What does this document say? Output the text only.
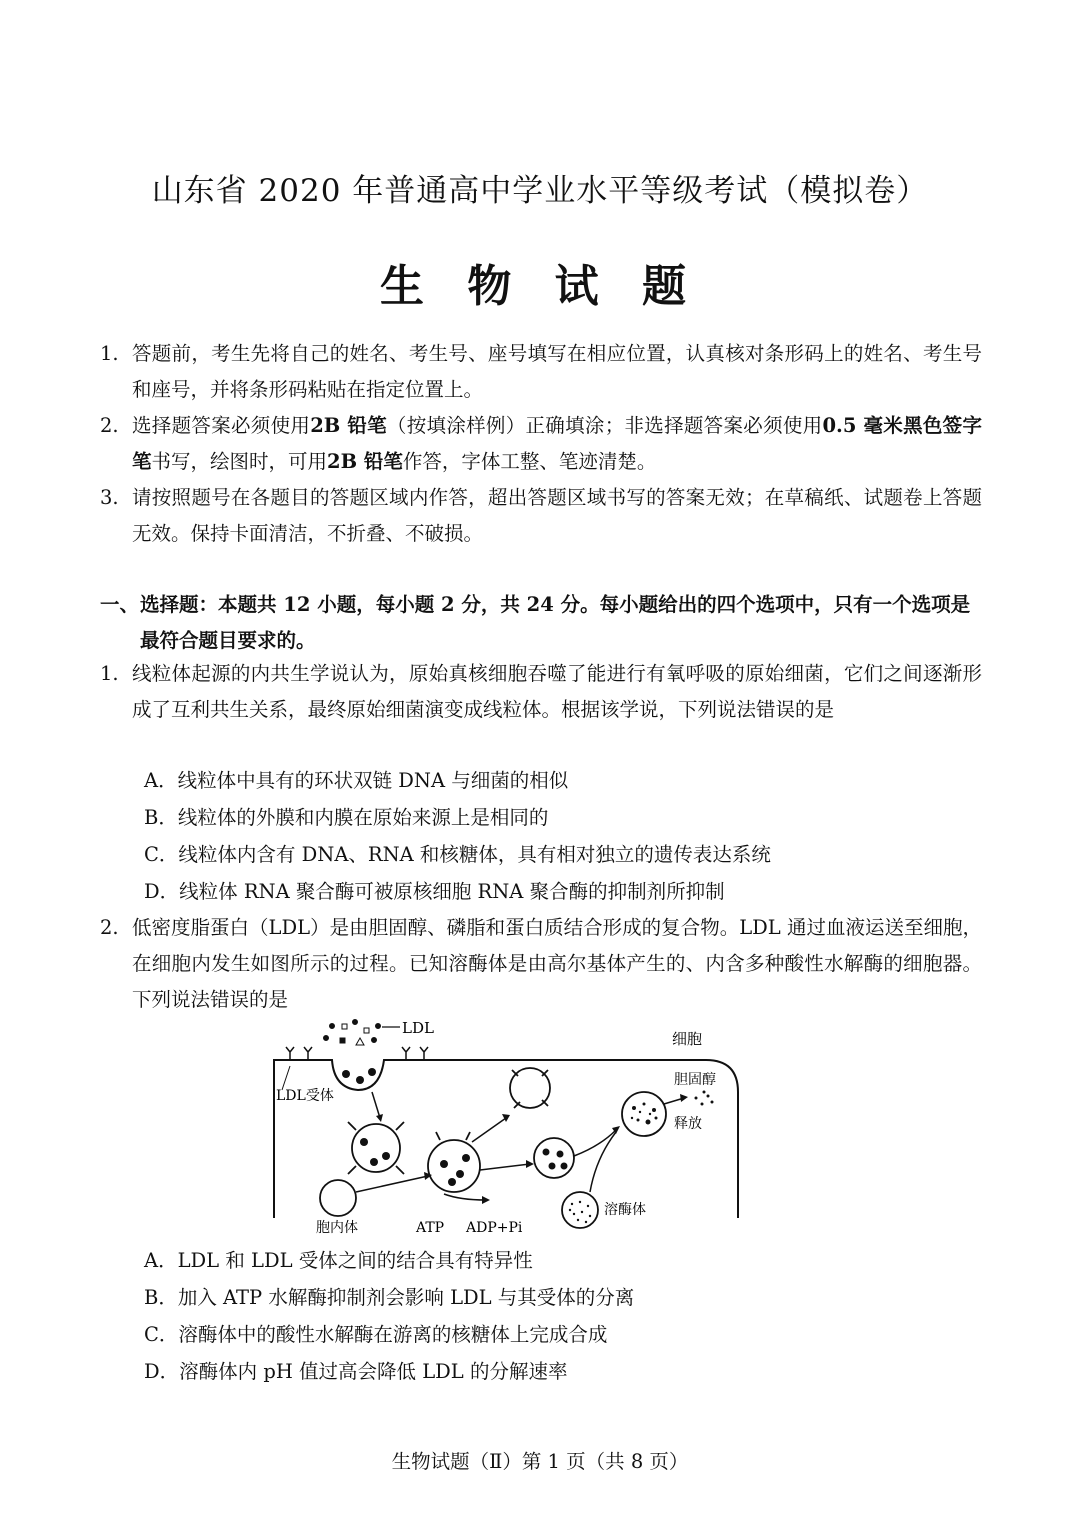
山东省 2020 年普通高中学业水平等级考试（模拟卷）
生 物 试 题
1. 答题前，考生先将自己的姓名、考生号、座号填写在相应位置，认真核对条形码上的姓名、考生号和座号，并将条形码粘贴在指定位置上。
2. 选择题答案必须使用2B 铅笔（按填涂样例）正确填涂；非选择题答案必须使用0.5 毫米黑色签字笔书写，绘图时，可用2B 铅笔作答，字体工整、笔迹清楚。
3. 请按照题号在各题目的答题区域内作答，超出答题区域书写的答案无效；在草稿纸、试题卷上答题无效。保持卡面清洁，不折叠、不破损。
一、 选择题：本题共 12 小题，每小题 2 分，共 24 分。每小题给出的四个选项中，只有一个选项是最符合题目要求的。
1. 线粒体起源的内共生学说认为，原始真核细胞吞噬了能进行有氧呼吸的原始细菌，它们之间逐渐形成了互利共生关系，最终原始细菌演变成线粒体。根据该学说，下列说法错误的是
A．线粒体中具有的环状双链 DNA 与细菌的相似
B．线粒体的外膜和内膜在原始来源上是相同的
C．线粒体内含有 DNA、RNA 和核糖体，具有相对独立的遗传表达系统
D．线粒体 RNA 聚合酶可被原核细胞 RNA 聚合酶的抑制剂所抑制
2. 低密度脂蛋白（LDL）是由胆固醇、磷脂和蛋白质结合形成的复合物。LDL 通过血液运送至细胞，在细胞内发生如图所示的过程。已知溶酶体是由高尔基体产生的、内含多种酸性水解酶的细胞器。下列说法错误的是
LDL
细胞
LDL受体
胞内体	ATP ADP+Pi
溶酶体
胆固醇
释放
A．LDL 和 LDL 受体之间的结合具有特异性
B．加入 ATP 水解酶抑制剂会影响 LDL 与其受体的分离
C．溶酶体中的酸性水解酶在游离的核糖体上完成合成
D．溶酶体内 pH 值过高会降低 LDL 的分解速率
生物试题（Ⅱ）第 1 页（共 8 页）
